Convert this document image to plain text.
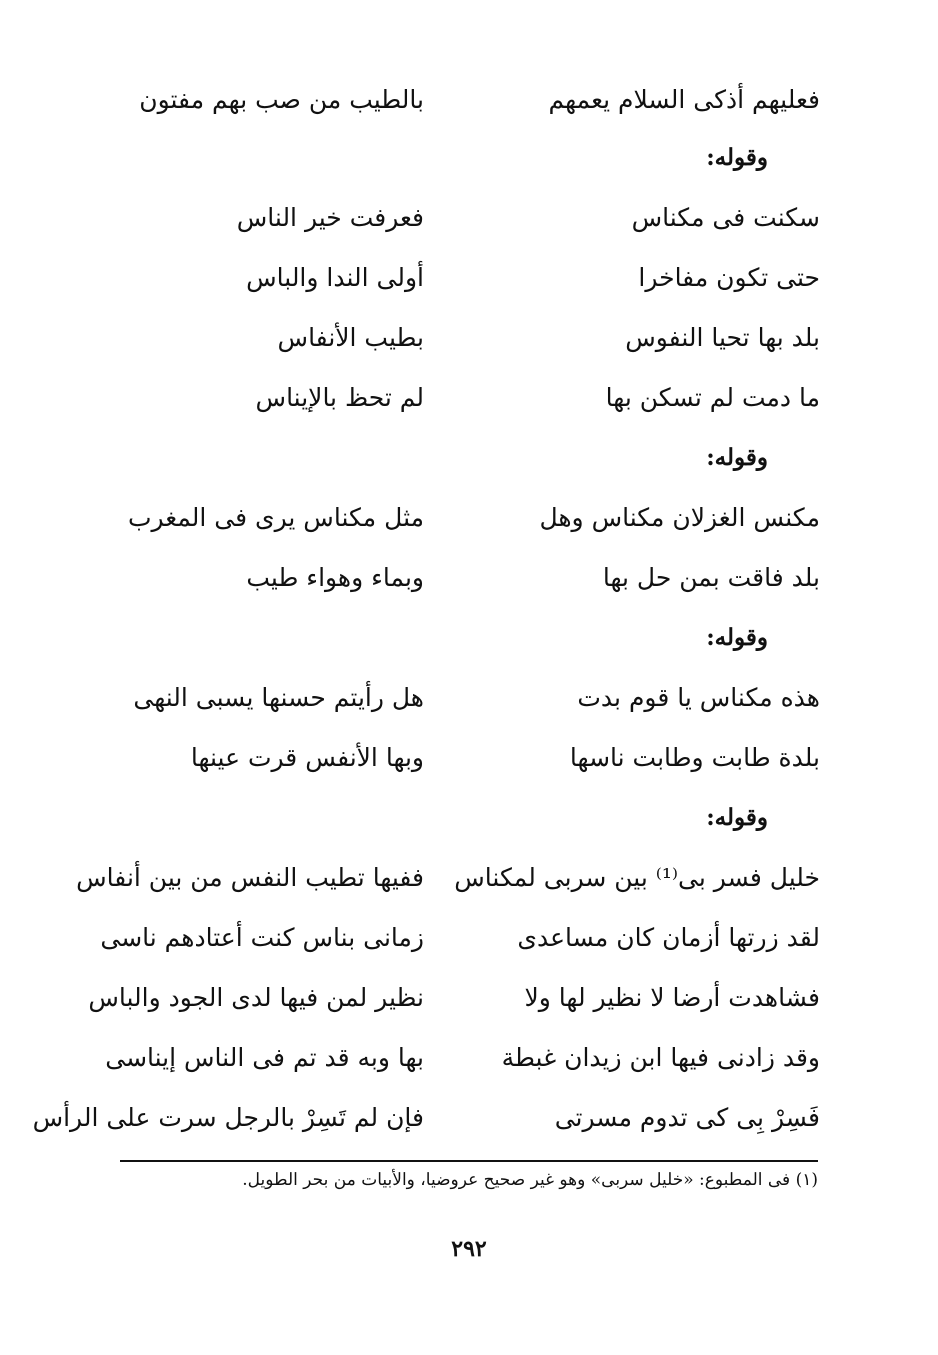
فعليهم أذكى السلام يعمهم
بالطيب من صب بهم مفتون
وقوله:
سكنت فى مكناس
فعرفت خير الناس
حتى تكون مفاخرا
أولى الندا والباس
بلد بها تحيا النفوس
بطيب الأنفاس
ما دمت لم تسكن بها
لم تحظ بالإيناس
وقوله:
مكنس الغزلان مكناس وهل
مثل مكناس يرى فى المغرب
بلد فاقت بمن حل بها
وبماء وهواء طيب
وقوله:
هذه مكناس يا قوم بدت
هل رأيتم حسنها يسبى النهى
بلدة طابت وطابت ناسها
وبها الأنفس قرت عينها
وقوله:
خليل فسر بى⁽¹⁾ بين سربى لمكناس
ففيها تطيب النفس من بين أنفاس
لقد زرتها أزمان كان مساعدى
زمانى بناس كنت أعتادهم ناسى
فشاهدت أرضا لا نظير لها ولا
نظير لمن فيها لدى الجود والباس
وقد زادنى فيها ابن زيدان غبطة
بها وبه قد تم فى الناس إيناسى
فَسِرْ بِى كى تدوم مسرتى
فإن لم تَسِرْ بالرجل سرت على الرأس
(١) فى المطبوع: «خليل سربى» وهو غير صحيح عروضيا، والأبيات من بحر الطويل.
٢٩٢
